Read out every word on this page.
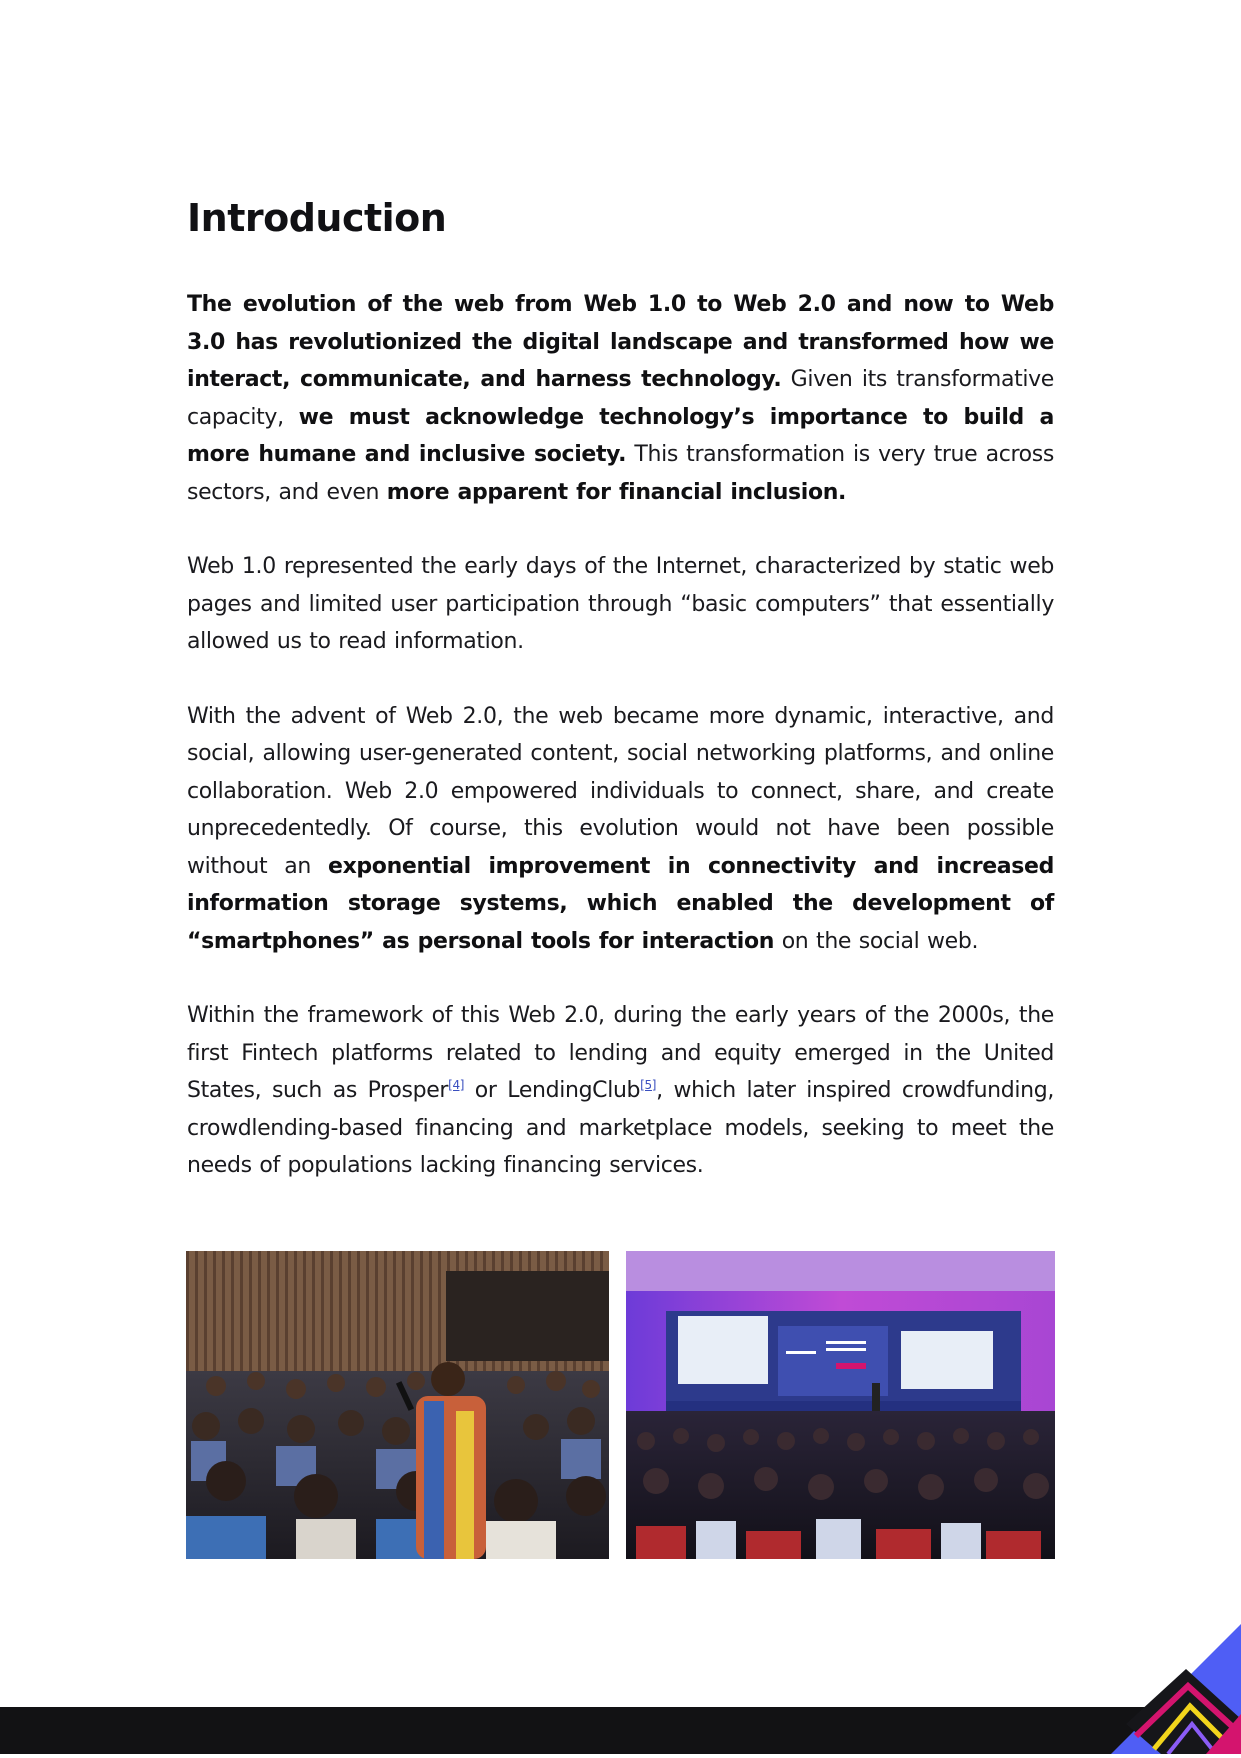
Introduction

The evolution of the web from Web 1.0 to Web 2.0 and now to Web 3.0 has revolutionized the digital landscape and transformed how we interact, communicate, and harness technology. Given its transformative capacity, we must acknowledge technology’s importance to build a more humane and inclusive society. This transformation is very true across sectors, and even more apparent for financial inclusion.

Web 1.0 represented the early days of the Internet, characterized by static web pages and limited user participation through “basic computers” that essentially allowed us to read information.

With the advent of Web 2.0, the web became more dynamic, interactive, and social, allowing user-generated content, social networking platforms, and online collaboration. Web 2.0 empowered individuals to connect, share, and create unprecedentedly. Of course, this evolution would not have been possible without an exponential improvement in connectivity and increased information storage systems, which enabled the development of “smartphones” as personal tools for interaction on the social web.

Within the framework of this Web 2.0, during the early years of the 2000s, the first Fintech platforms related to lending and equity emerged in the United States, such as Prosper[4] or LendingClub[5], which later inspired crowdfunding, crowdlending-based financing and marketplace models, seeking to meet the needs of populations lacking financing services.
